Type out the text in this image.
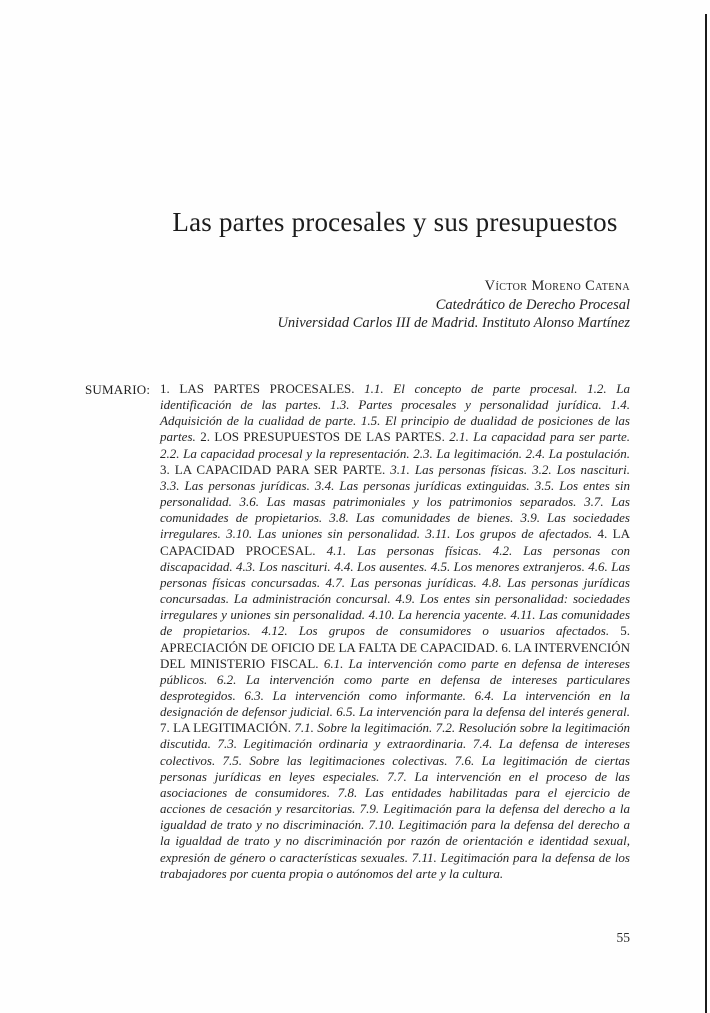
Las partes procesales y sus presupuestos
Víctor Moreno Catena
Catedrático de Derecho Procesal
Universidad Carlos III de Madrid. Instituto Alonso Martínez
SUMARIO: 1. LAS PARTES PROCESALES. 1.1. El concepto de parte procesal. 1.2. La identificación de las partes. 1.3. Partes procesales y personalidad jurídica. 1.4. Adquisición de la cualidad de parte. 1.5. El principio de dualidad de posiciones de las partes. 2. LOS PRESUPUESTOS DE LAS PARTES. 2.1. La capacidad para ser parte. 2.2. La capacidad procesal y la representación. 2.3. La legitimación. 2.4. La postulación. 3. LA CAPACIDAD PARA SER PARTE. 3.1. Las personas físicas. 3.2. Los nascituri. 3.3. Las personas jurídicas. 3.4. Las personas jurídicas extinguidas. 3.5. Los entes sin personalidad. 3.6. Las masas patrimoniales y los patrimonios separados. 3.7. Las comunidades de propietarios. 3.8. Las comunidades de bienes. 3.9. Las sociedades irregulares. 3.10. Las uniones sin personalidad. 3.11. Los grupos de afectados. 4. LA CAPACIDAD PROCESAL. 4.1. Las personas físicas. 4.2. Las personas con discapacidad. 4.3. Los nascituri. 4.4. Los ausentes. 4.5. Los menores extranjeros. 4.6. Las personas físicas concursadas. 4.7. Las personas jurídicas. 4.8. Las personas jurídicas concursadas. La administración concursal. 4.9. Los entes sin personalidad: sociedades irregulares y uniones sin personalidad. 4.10. La herencia yacente. 4.11. Las comunidades de propietarios. 4.12. Los grupos de consumidores o usuarios afectados. 5. APRECIACIÓN DE OFICIO DE LA FALTA DE CAPACIDAD. 6. LA INTERVENCIÓN DEL MINISTERIO FISCAL. 6.1. La intervención como parte en defensa de intereses públicos. 6.2. La intervención como parte en defensa de intereses particulares desprotegidos. 6.3. La intervención como informante. 6.4. La intervención en la designación de defensor judicial. 6.5. La intervención para la defensa del interés general. 7. LA LEGITIMACIÓN. 7.1. Sobre la legitimación. 7.2. Resolución sobre la legitimación discutida. 7.3. Legitimación ordinaria y extraordinaria. 7.4. La defensa de intereses colectivos. 7.5. Sobre las legitimaciones colectivas. 7.6. La legitimación de ciertas personas jurídicas en leyes especiales. 7.7. La intervención en el proceso de las asociaciones de consumidores. 7.8. Las entidades habilitadas para el ejercicio de acciones de cesación y resarcitorias. 7.9. Legitimación para la defensa del derecho a la igualdad de trato y no discriminación. 7.10. Legitimación para la defensa del derecho a la igualdad de trato y no discriminación por razón de orientación e identidad sexual, expresión de género o características sexuales. 7.11. Legitimación para la defensa de los trabajadores por cuenta propia o autónomos del arte y la cultura.

55
